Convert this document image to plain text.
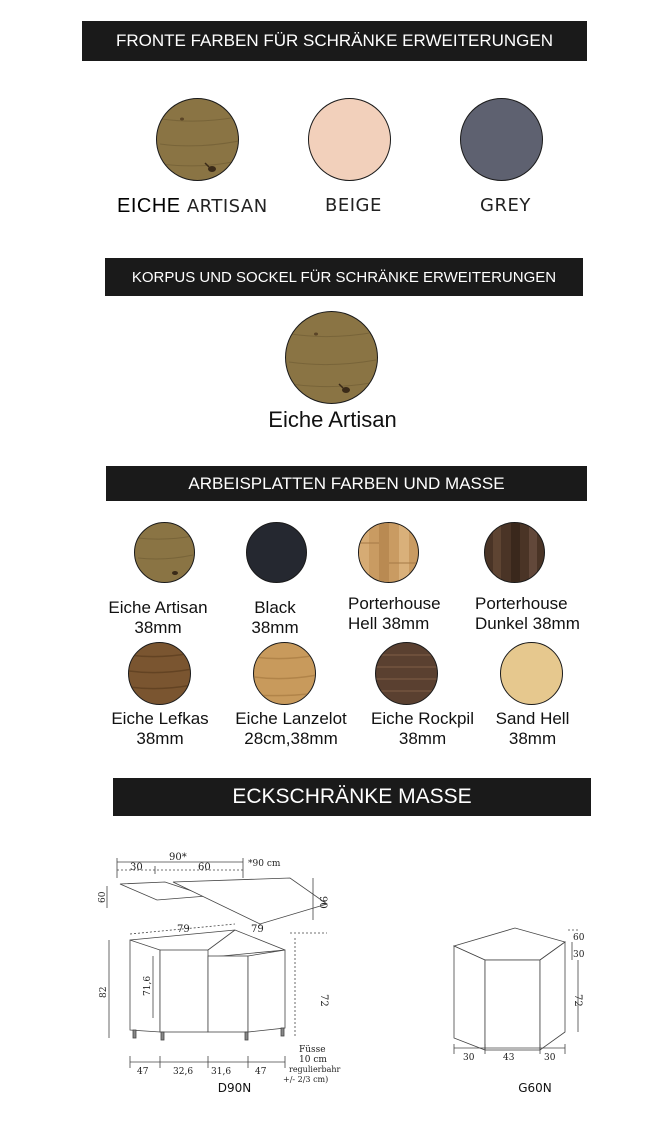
FRONTE FARBEN FÜR SCHRÄNKE ERWEITERUNGEN
EICHE ARTISAN	BEIGE	GREY
KORPUS UND SOCKEL FÜR SCHRÄNKE ERWEITERUNGEN
Eiche Artisan
ARBEISPLATTEN FARBEN UND MASSE
Eiche Artisan
38mm
Black
38mm
Porterhouse
Hell 38mm
Porterhouse
Dunkel 38mm
Eiche Lefkas
38mm
Eiche Lanzelot
28cm,38mm
Eiche Rockpil
38mm
Sand Hell
38mm
ECKSCHRÄNKE MASSE
90*
30	60	*90 cm
60	90
79	79
82	71,6
72
47	32,6 31,6	47
Füsse
10 cm
regulierbahr
+/- 2/3 cm)
D90N
60
30
72
30	43	30
G60N
